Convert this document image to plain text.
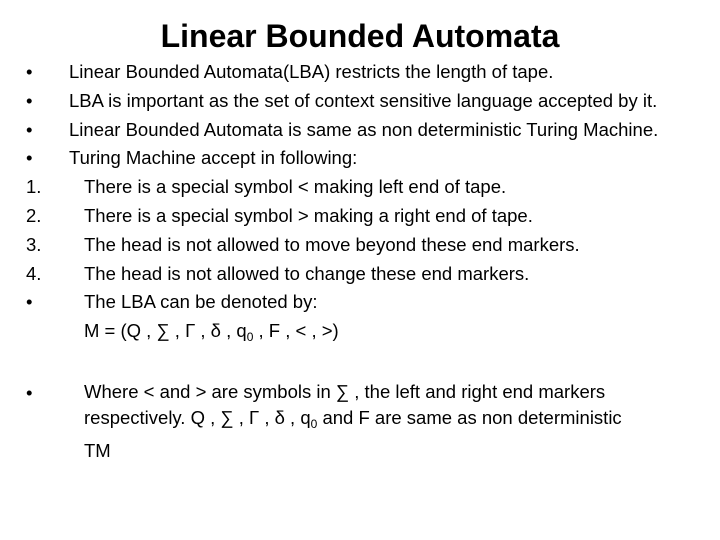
Linear Bounded Automata
• Linear Bounded Automata(LBA) restricts the length of tape.
• LBA is important as the set of context sensitive language accepted by it.
• Linear Bounded Automata is same as non deterministic Turing Machine.
• Turing Machine accept in following:
1. There is a special symbol < making left end of tape.
2. There is a special symbol > making a right end of tape.
3. The head is not allowed to move beyond these end markers.
4. The head is not allowed to change these end markers.
•	The LBA can be denoted by:
M = (Q , ∑ , Γ , δ , $q_0$ , F , < , >)
•	Where < and > are symbols in ∑ , the left and right end markers
respectively. Q , ∑ , Γ , δ , $q_0$ and F are same as non deterministic
TM
